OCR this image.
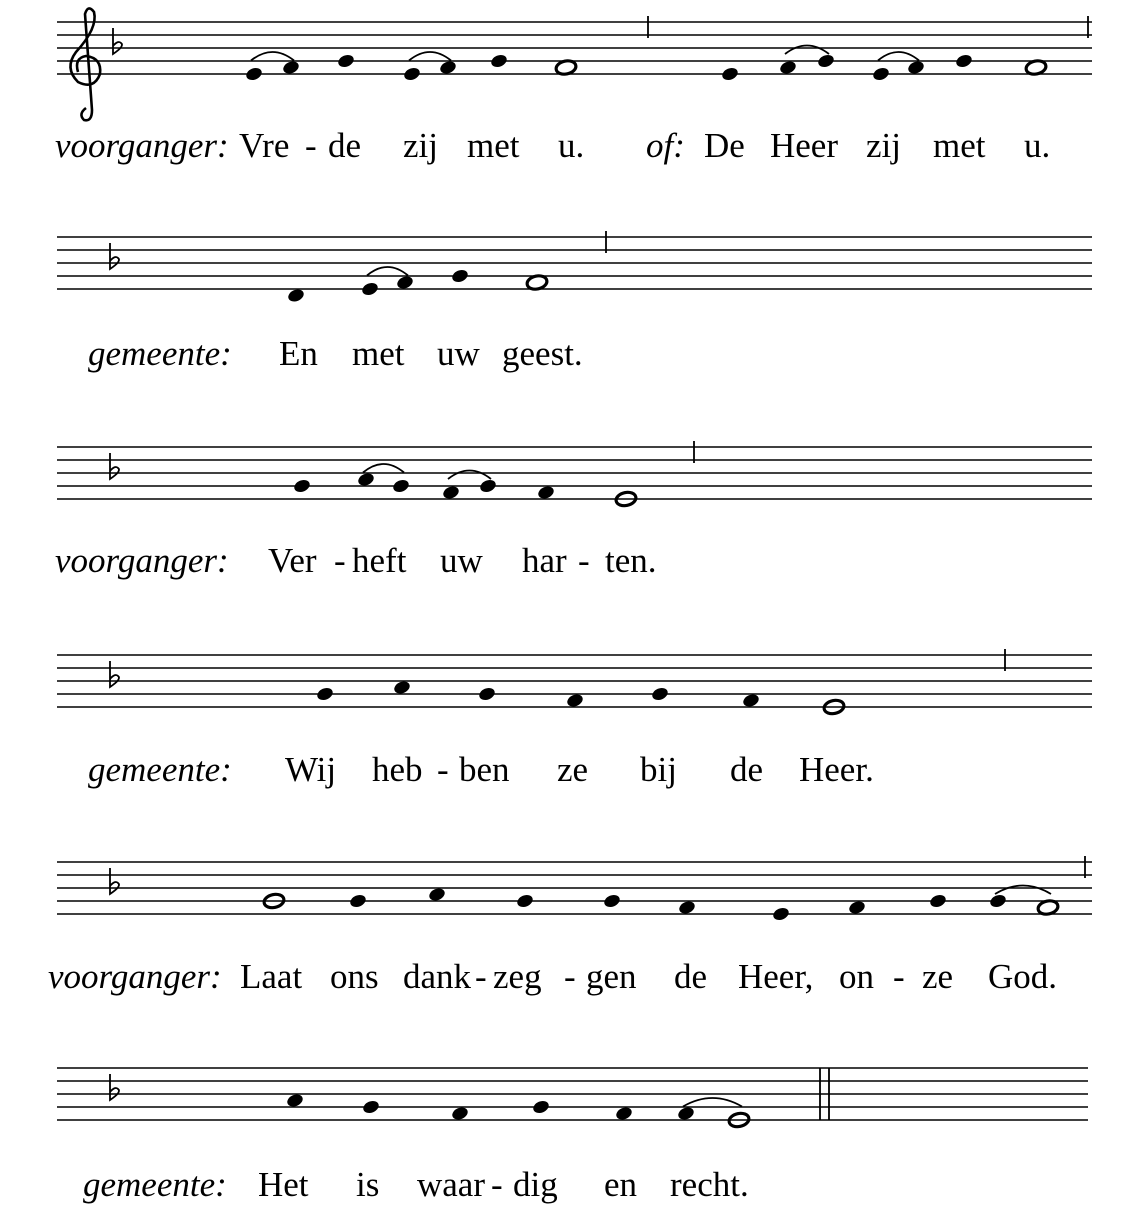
voorganger: Vre - de zij met u. of: De Heer zij met u.
gemeente: En met uw geest.
voorganger: Ver - heft uw har - ten.
gemeente: Wij heb - ben ze bij de Heer.
voorganger: Laat ons dank - zeg - gen de Heer, on - ze God.
gemeente: Het is waar - dig en recht.
